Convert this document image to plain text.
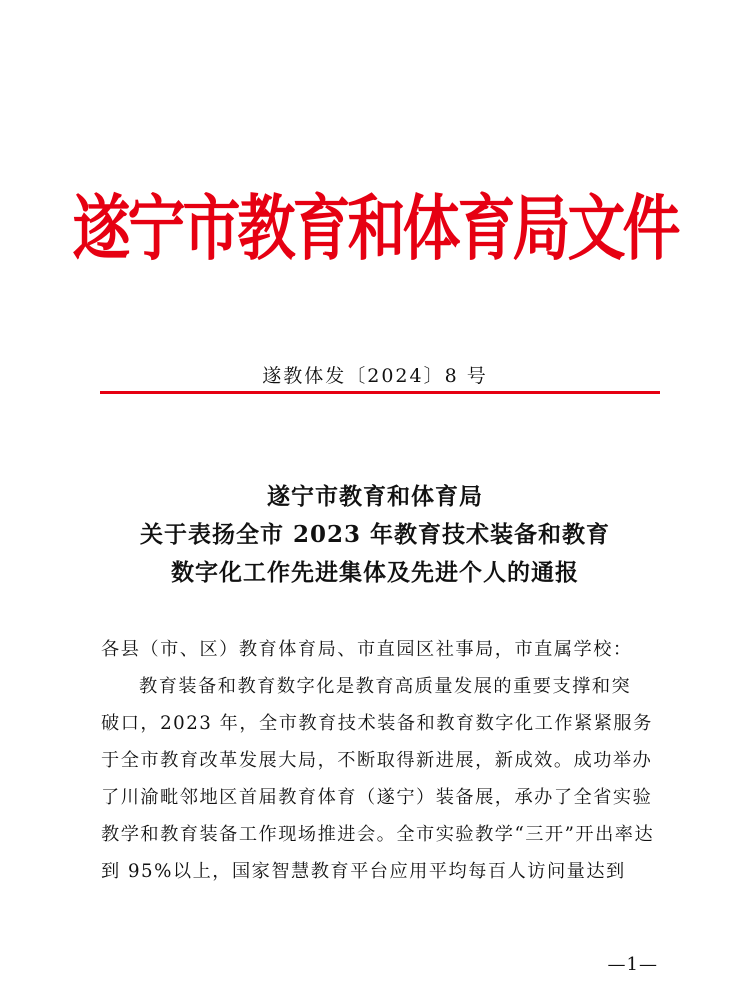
遂宁市教育和体育局文件
遂教体发〔2024〕8 号
遂宁市教育和体育局
关于表扬全市 2023 年教育技术装备和教育
数字化工作先进集体及先进个人的通报
各县（市、区）教育体育局、市直园区社事局，市直属学校：
教育装备和教育数字化是教育高质量发展的重要支撑和突
破口，2023 年，全市教育技术装备和教育数字化工作紧紧服务
于全市教育改革发展大局，不断取得新进展，新成效。成功举办
了川渝毗邻地区首届教育体育（遂宁）装备展，承办了全省实验
教学和教育装备工作现场推进会。全市实验教学“三开”开出率达
到 95%以上，国家智慧教育平台应用平均每百人访问量达到
—1—
